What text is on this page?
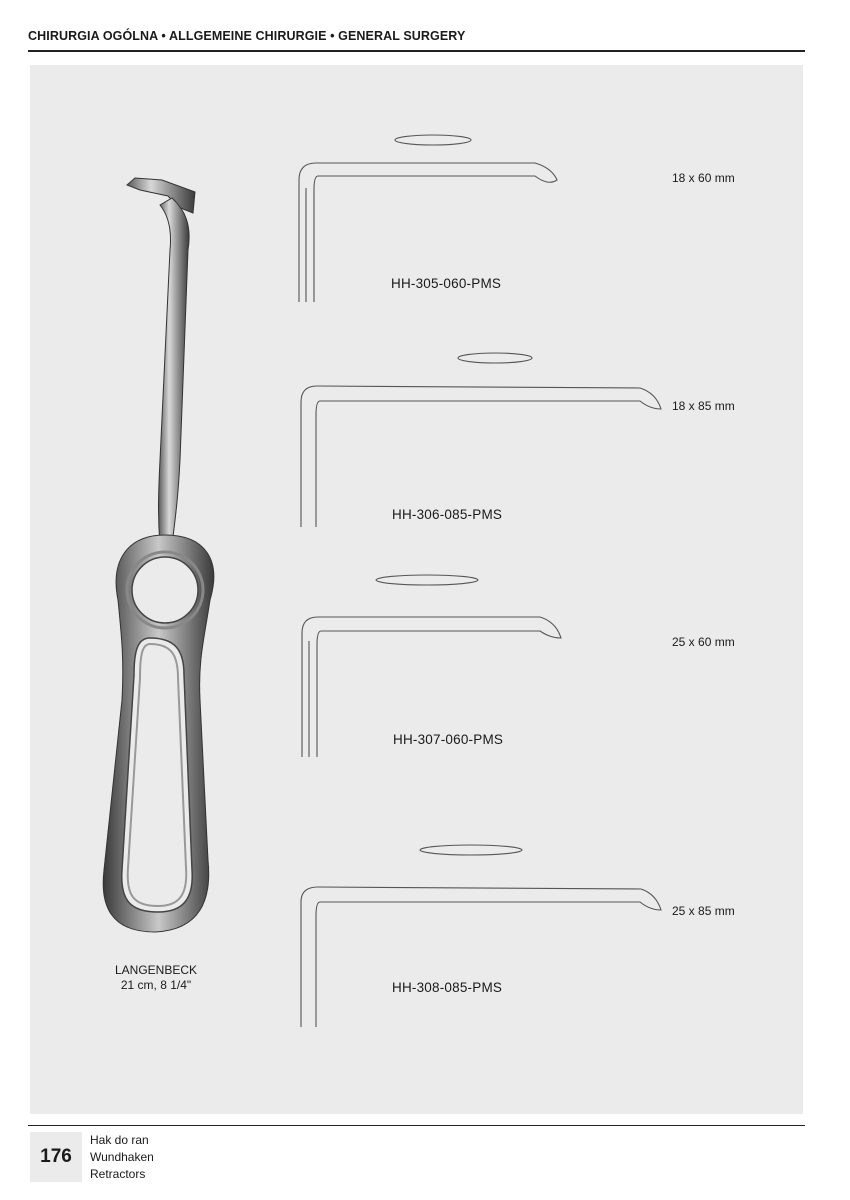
CHIRURGIA OGÓLNA • ALLGEMEINE CHIRURGIE • GENERAL SURGERY
HH-305-060-PMS
18 x 60 mm
HH-306-085-PMS
18 x 85 mm
HH-307-060-PMS
25 x 60 mm
HH-308-085-PMS
25 x 85 mm
LANGENBECK
21 cm, 8 1/4"
176
Hak do ran
Wundhaken
Retractors
